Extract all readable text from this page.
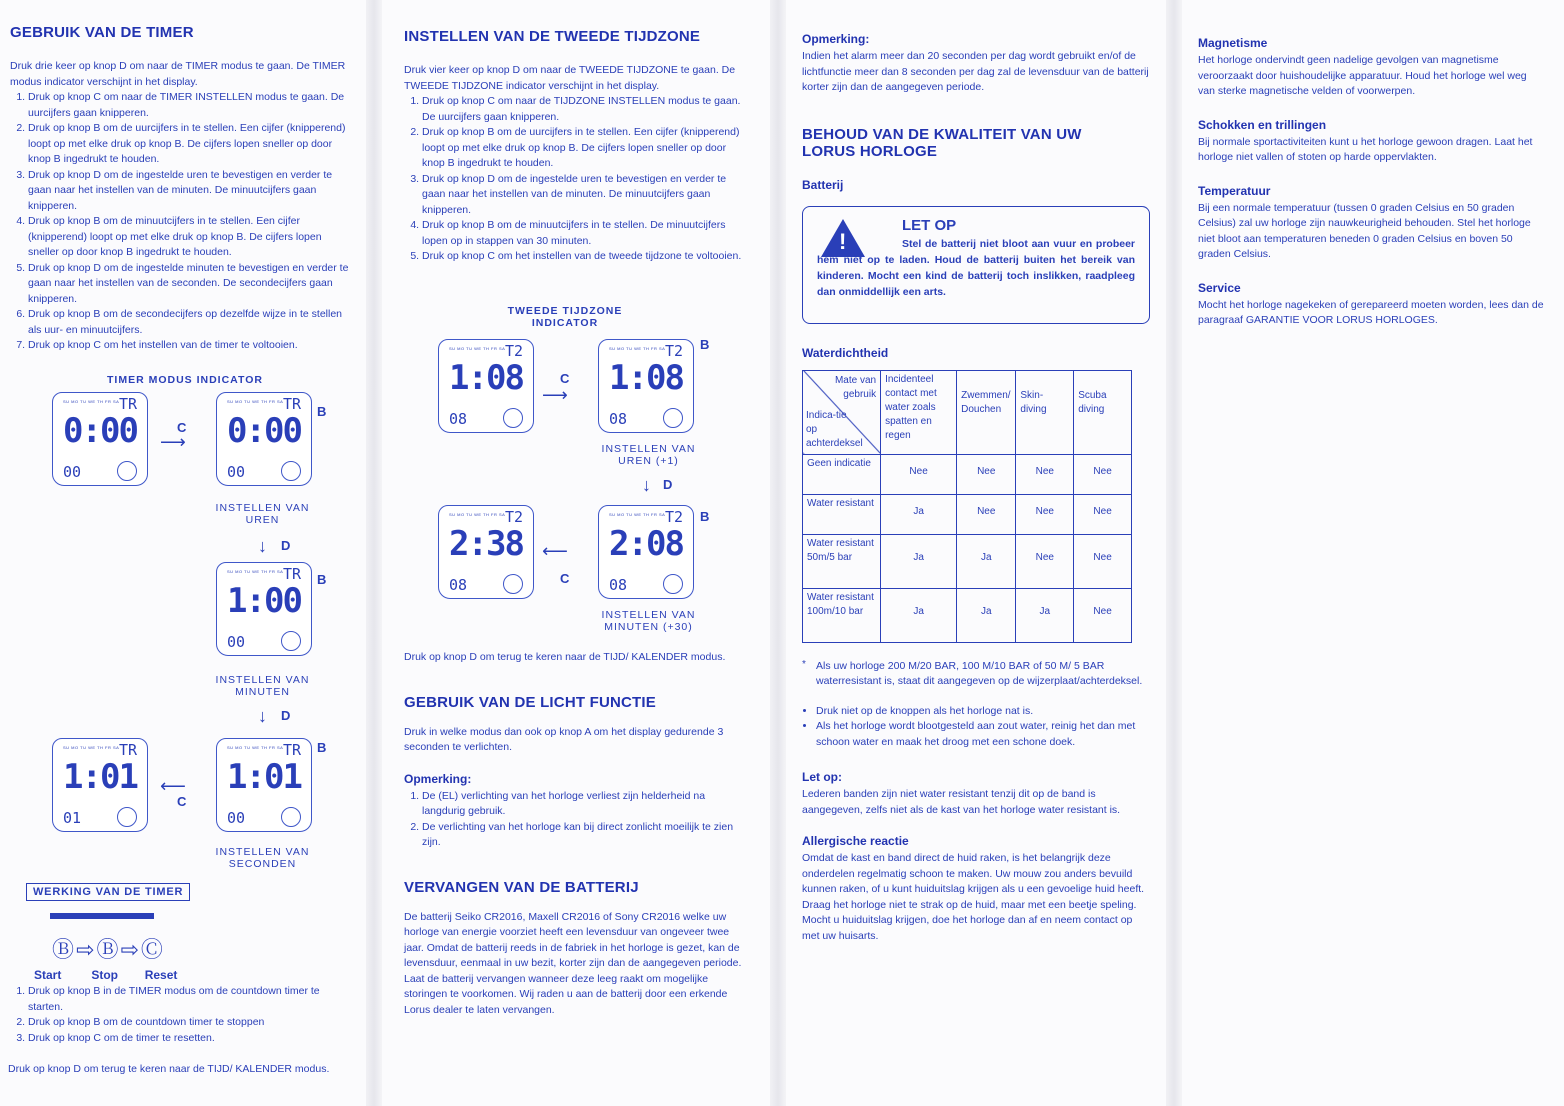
GEBRUIK VAN DE TIMER

Druk drie keer op knop D om naar de TIMER modus te gaan. De TIMER modus indicator verschijnt in het display.

1. Druk op knop C om naar de TIMER INSTELLEN modus te gaan. De uurcijfers gaan knipperen.
2. Druk op knop B om de uurcijfers in te stellen. Een cijfer (knipperend) loopt op met elke druk op knop B. De cijfers lopen sneller op door knop B ingedrukt te houden.
3. Druk op knop D om de ingestelde uren te bevestigen en verder te gaan naar het instellen van de minuten. De minuutcijfers gaan knipperen.
4. Druk op knop B om de minuutcijfers in te stellen. Een cijfer (knipperend) loopt op met elke druk op knop B. De cijfers lopen sneller op door knop B ingedrukt te houden.
5. Druk op knop D om de ingestelde minuten te bevestigen en verder te gaan naar het instellen van de seconden. De secondecijfers gaan knipperen.
6. Druk op knop B om de secondecijfers op dezelfde wijze in te stellen als uur- en minuutcijfers.
7. Druk op knop C om het instellen van de timer te voltooien.
TIMER MODUS INDICATOR
SU MO TU WE TH FR SA TR
0:00
00
C
⟶
SU MO TU WE TH FR SA TR
0:00
00
B
INSTELLEN VAN
UREN
↓ D
SU MO TU WE TH FR SA TR
1:00
00
B
INSTELLEN VAN
MINUTEN
↓ D
SU MO TU WE TH FR SA TR
1:01
00
B
⟵
C
SU MO TU WE TH FR SA TR
1:01
01
INSTELLEN VAN
SECONDEN
WERKING VAN DE TIMER
Ⓑ⇨Ⓑ⇨Ⓒ
Start	Stop Reset
1. Druk op knop B in de TIMER modus om de countdown timer te starten.
2. Druk op knop B om de countdown timer te stoppen
3. Druk op knop C om de timer te resetten.

Druk op knop D om terug te keren naar de TIJD/ KALENDER modus.

INSTELLEN VAN DE TWEEDE TIJDZONE

Druk vier keer op knop D om naar de TWEEDE TIJDZONE te gaan. De TWEEDE TIJDZONE indicator verschijnt in het display.

1. Druk op knop C om naar de TIJDZONE INSTELLEN modus te gaan. De uurcijfers gaan knipperen.
2. Druk op knop B om de uurcijfers in te stellen. Een cijfer (knipperend) loopt op met elke druk op knop B. De cijfers lopen sneller op door knop B ingedrukt te houden.
3. Druk op knop D om de ingestelde uren te bevestigen en verder te gaan naar het instellen van de minuten. De minuutcijfers gaan knipperen.
4. Druk op knop B om de minuutcijfers in te stellen. De minuutcijfers lopen op in stappen van 30 minuten.
5. Druk op knop C om het instellen van de tweede tijdzone te voltooien.
TWEEDE TIJDZONE
INDICATOR
SU MO TU WE TH FR SA T2
1:08
08
C
⟶
SU MO TU WE TH FR SA T2
1:08
08
B
INSTELLEN VAN
UREN (+1)
↓ D
SU MO TU WE TH FR SA T2
2:38
08
⟵
C
SU MO TU WE TH FR SA T2
2:08
08
B
INSTELLEN VAN
MINUTEN (+30)

Druk op knop D om terug te keren naar de TIJD/ KALENDER modus.

GEBRUIK VAN DE LICHT FUNCTIE

Druk in welke modus dan ook op knop A om het display gedurende 3 seconden te verlichten.

Opmerking:
1. De (EL) verlichting van het horloge verliest zijn helderheid na langdurig gebruik.
2. De verlichting van het horloge kan bij direct zonlicht moeilijk te zien zijn.
VERVANGEN VAN DE BATTERIJ

De batterij Seiko CR2016, Maxell CR2016 of Sony CR2016 welke uw horloge van energie voorziet heeft een levensduur van ongeveer twee jaar. Omdat de batterij reeds in de fabriek in het horloge is gezet, kan de levensduur, eenmaal in uw bezit, korter zijn dan de aangegeven periode. Laat de batterij vervangen wanneer deze leeg raakt om mogelijke storingen te voorkomen. Wij raden u aan de batterij door een erkende Lorus dealer te laten vervangen.

Opmerking:

Indien het alarm meer dan 20 seconden per dag wordt gebruikt en/of de lichtfunctie meer dan 8 seconden per dag zal de levensduur van de batterij korter zijn dan de aangegeven periode.

BEHOUD VAN DE KWALITEIT VAN UW LORUS HORLOGE
Batterij
!
LET OP
Stel de batterij niet bloot aan vuur en probeer hem niet op te laden. Houd de batterij buiten het bereik van kinderen. Mocht een kind de batterij toch inslikken, raadpleeg dan onmiddellijk een arts.
Waterdichtheid
Mate van gebruik
Indica-tie op achterdeksel	Incidenteel contact met water zoals spatten en regen	Zwemmen/ Douchen	Skin-diving	Scuba diving
Geen indicatie	Nee	Nee	Nee	Nee
Water resistant	Ja	Nee	Nee	Nee
Water resistant 50m/5 bar	Ja	Ja	Nee	Nee
Water resistant 100m/10 bar	Ja	Ja	Ja	Nee
* Als uw horloge 200 M/20 BAR, 100 M/10 BAR of 50 M/ 5 BAR waterresistant is, staat dit aangegeven op de wijzerplaat/achterdeksel.

• Druk niet op de knoppen als het horloge nat is.
• Als het horloge wordt blootgesteld aan zout water, reinig het dan met schoon water en maak het droog met een schone doek.
Let op:

Lederen banden zijn niet water resistant tenzij dit op de band is aangegeven, zelfs niet als de kast van het horloge water resistant is.

Allergische reactie

Omdat de kast en band direct de huid raken, is het belangrijk deze onderdelen regelmatig schoon te maken. Uw mouw zou anders bevuild kunnen raken, of u kunt huiduitslag krijgen als u een gevoelige huid heeft. Draag het horloge niet te strak op de huid, maar met een beetje speling. Mocht u huiduitslag krijgen, doe het horloge dan af en neem contact op met uw huisarts.

Magnetisme

Het horloge ondervindt geen nadelige gevolgen van magnetisme veroorzaakt door huishoudelijke apparatuur. Houd het horloge wel weg van sterke magnetische velden of voorwerpen.

Schokken en trillingen

Bij normale sportactiviteiten kunt u het horloge gewoon dragen. Laat het horloge niet vallen of stoten op harde oppervlakten.

Temperatuur

Bij een normale temperatuur (tussen 0 graden Celsius en 50 graden Celsius) zal uw horloge zijn nauwkeurigheid behouden. Stel het horloge niet bloot aan temperaturen beneden 0 graden Celsius en boven 50 graden Celsius.

Service

Mocht het horloge nagekeken of gerepareerd moeten worden, lees dan de paragraaf GARANTIE VOOR LORUS HORLOGES.
